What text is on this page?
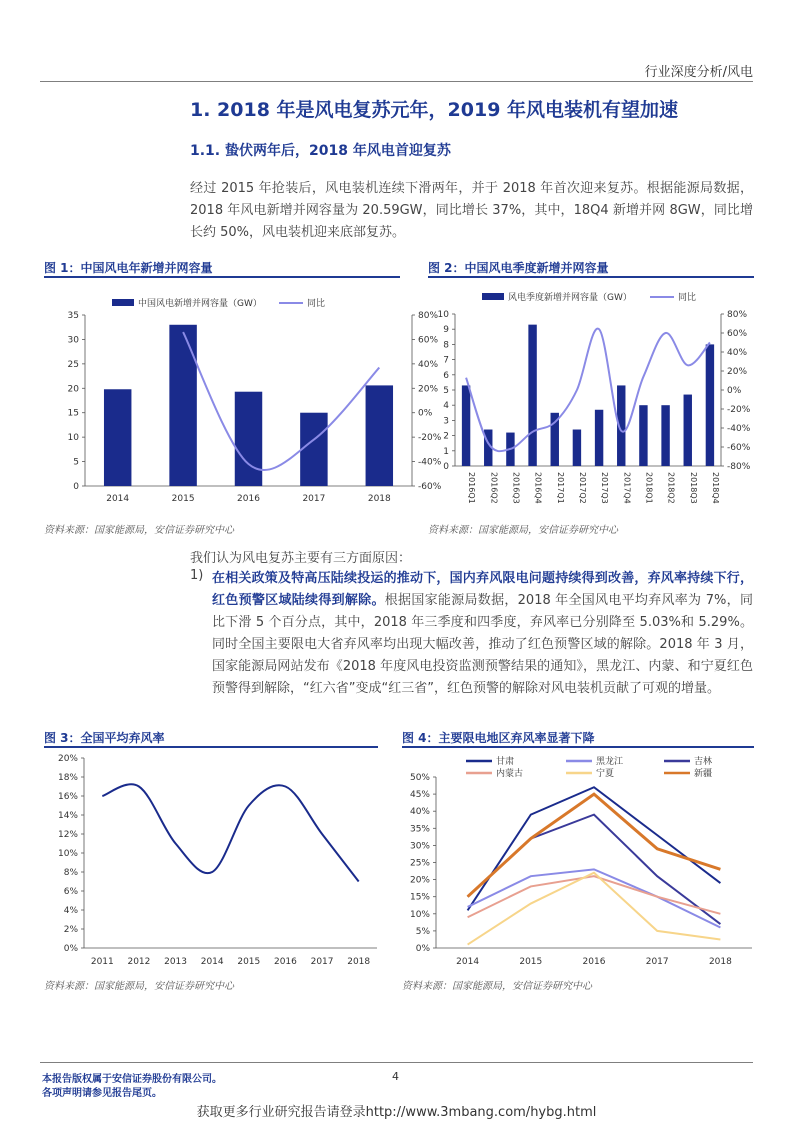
行业深度分析/风电
1. 2018 年是风电复苏元年，2019 年风电装机有望加速
1.1. 蛰伏两年后，2018 年风电首迎复苏
经过 2015 年抢装后，风电装机连续下滑两年，并于 2018 年首次迎来复苏。根据能源局数据，2018 年风电新增并网容量为 20.59GW，同比增长 37%，其中，18Q4 新增并网 8GW，同比增长约 50%，风电装机迎来底部复苏。
图 1：中国风电年新增并网容量
中国风电新增并网容量（GW）	同比
0
5
10
15
20
25
30
35
-60%
-40%
-20%
0%
20%
40%
60%
80%
2014	2015	2016	2017	2018
资料来源：国家能源局，安信证券研究中心
图 2：中国风电季度新增并网容量
风电季度新增并网容量（GW）	同比
0
1
2
3
4
5
6
7
8
9
10
-80%
-60%
-40%
-20%
0%
20%
40%
60%
80%
2016Q1 2016Q2 2016Q3 2016Q4 2017Q1 2017Q2 2017Q3 2017Q4 2018Q1 2018Q2 2018Q3 2018Q4
资料来源：国家能源局，安信证券研究中心
我们认为风电复苏主要有三方面原因：
1) 在相关政策及特高压陆续投运的推动下，国内弃风限电问题持续得到改善，弃风率持续下行，红色预警区域陆续得到解除。根据国家能源局数据，2018 年全国风电平均弃风率为 7%，同比下滑 5 个百分点，其中，2018 年三季度和四季度，弃风率已分别降至 5.03%和 5.29%。同时全国主要限电大省弃风率均出现大幅改善，推动了红色预警区域的解除。2018 年 3 月，国家能源局网站发布《2018 年度风电投资监测预警结果的通知》，黑龙江、内蒙、和宁夏红色预警得到解除，“红六省”变成“红三省”，红色预警的解除对风电装机贡献了可观的增量。
图 3：全国平均弃风率
0%
2%
4%
6%
8%
10%
12%
14%
16%
18%
20%
2011 2012 2013 2014 2015 2016 2017 2018
资料来源：国家能源局，安信证券研究中心
图 4：主要限电地区弃风率显著下降
0%
5%
10%
15%
20%
25%
30%
35%
40%
45%
50%
2014	2015	2016	2017	2018
甘肃	黑龙江	吉林
内蒙古	宁夏	新疆
资料来源：国家能源局，安信证券研究中心
本报告版权属于安信证券股份有限公司。
各项声明请参见报告尾页。
4
获取更多行业研究报告请登录http://www.3mbang.com/hybg.html
